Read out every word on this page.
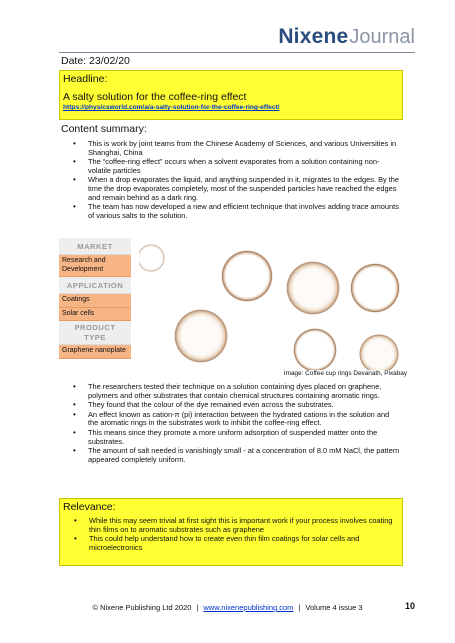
NixeneJournal
Date: 23/02/20
Headline:
A salty solution for the coffee-ring effect
https://physicsworld.com/a/a-salty-solution-for-the-coffee-ring-effect/
Content summary:
• This is work by joint teams from the Chinese Academy of Sciences, and various Universities in Shanghai, China
• The “coffee-ring effect” occurs when a solvent evaporates from a solution containing non-volatile particles
• When a drop evaporates the liquid, and anything suspended in it, migrates to the edges. By the time the drop evaporates completely, most of the suspended particles have reached the edges and remain behind as a dark ring.
• The team has now developed a new and efficient technique that involves adding trace amounts of various salts to the solution.
MARKET
Research and Development
APPLICATION
Coatings
Solar cells
PRODUCT
TYPE
Graphene nanoplate
Image: Coffee cup rings Devanath, Pixabay
• The researchers tested their technique on a solution containing dyes placed on graphene, polymers and other substrates that contain chemical structures containing aromatic rings.
• They found that the colour of the dye remained even across the substrates.
• An effect known as cation-π (pi) interaction between the hydrated cations in the solution and the aromatic rings in the substrates work to inhibit the coffee-ring effect.
• This means since they promote a more uniform adsorption of suspended matter onto the substrates.
• The amount of salt needed is vanishingly small - at a concentration of 8.0 mM NaCl, the pattern appeared completely uniform.
Relevance:
• While this may seem trivial at first sight this is important work if your process involves coating thin films on to aromatic substrates such as graphene
• This could help understand how to create even thin film coatings for solar cells and microelectronics
© Nixene Publishing Ltd 2020 | www.nixenepublishing.com | Volume 4 issue 3	10
